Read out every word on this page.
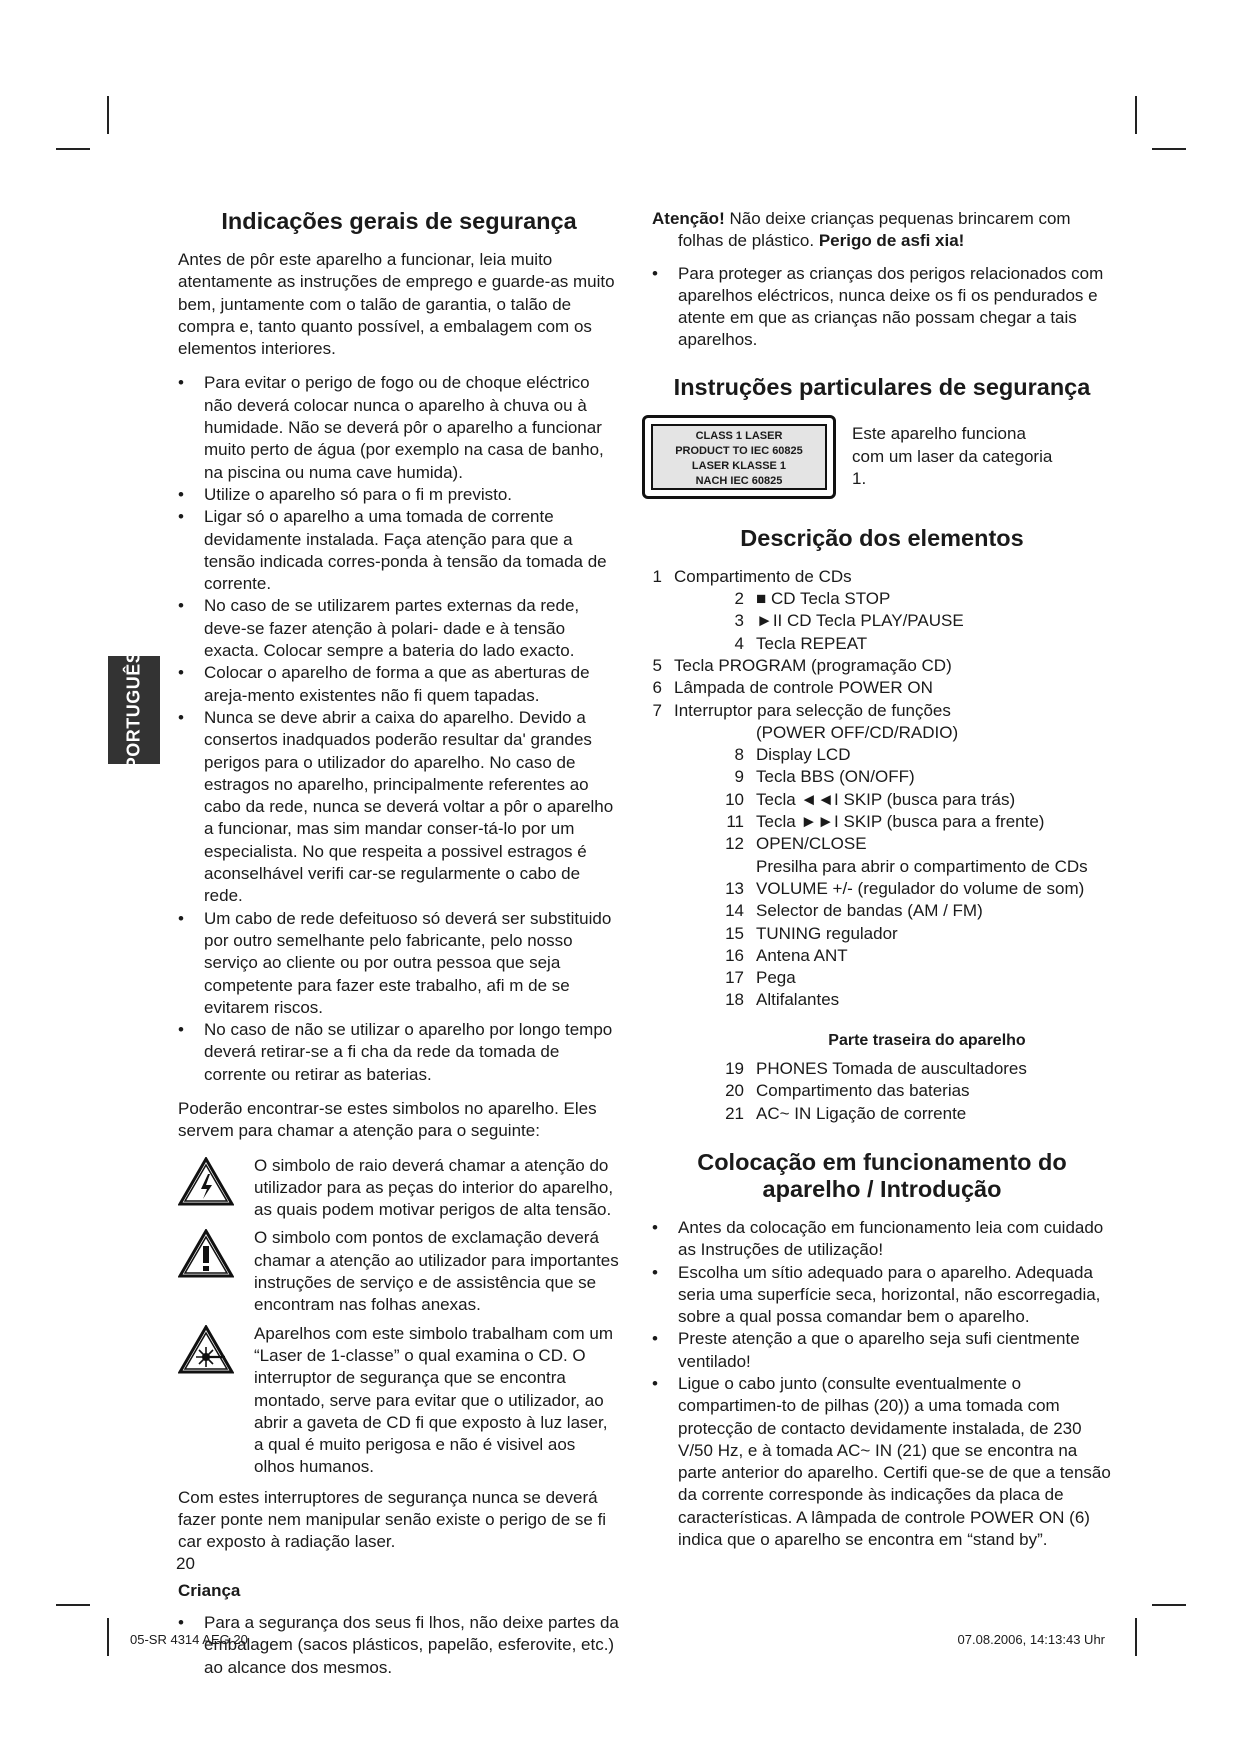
PORTUGUÊS
Indicações gerais de segurança

Antes de pôr este aparelho a funcionar, leia muito atentamente as instruções de emprego e guarde-as muito bem, juntamente com o talão de garantia, o talão de compra e, tanto quanto possível, a embalagem com os elementos interiores.

• Para evitar o perigo de fogo ou de choque eléctrico não deverá colocar nunca o aparelho à chuva ou à humidade. Não se deverá pôr o aparelho a funcionar muito perto de água (por exemplo na casa de banho, na piscina ou numa cave humida).
• Utilize o aparelho só para o fi m previsto.
• Ligar só o aparelho a uma tomada de corrente devidamente instalada. Faça atenção para que a tensão indicada corres-ponda à tensão da tomada de corrente.
• No caso de se utilizarem partes externas da rede, deve-se fazer atenção à polari- dade e à tensão exacta. Colocar sempre a bateria do lado exacto.
• Colocar o aparelho de forma a que as aberturas de areja-mento existentes não fi quem tapadas.
• Nunca se deve abrir a caixa do aparelho. Devido a consertos inadquados poderão resultar da' grandes perigos para o utilizador do aparelho. No caso de estragos no aparelho, principalmente referentes ao cabo da rede, nunca se deverá voltar a pôr o aparelho a funcionar, mas sim mandar conser-tá-lo por um especialista. No que respeita a possivel estragos é aconselhável verifi car-se regularmente o cabo de rede.
• Um cabo de rede defeituoso só deverá ser substituido por outro semelhante pelo fabricante, pelo nosso serviço ao cliente ou por outra pessoa que seja competente para fazer este trabalho, afi m de se evitarem riscos.
• No caso de não se utilizar o aparelho por longo tempo deverá retirar-se a fi cha da rede da tomada de corrente ou retirar as baterias.

Poderão encontrar-se estes simbolos no aparelho. Eles servem para chamar a atenção para o seguinte:

O simbolo de raio deverá chamar a atenção do utilizador para as peças do interior do aparelho, as quais podem motivar perigos de alta tensão.
O simbolo com pontos de exclamação deverá chamar a atenção ao utilizador para importantes instruções de serviço e de assistência que se encontram nas folhas anexas.
Aparelhos com este simbolo trabalham com um “Laser de 1-classe” o qual examina o CD. O interruptor de segurança que se encontra montado, serve para evitar que o utilizador, ao abrir a gaveta de CD fi que exposto à luz laser, a qual é muito perigosa e não é visivel aos olhos humanos.

Com estes interruptores de segurança nunca se deverá fazer ponte nem manipular senão existe o perigo de se fi car exposto à radiação laser.

Criança
• Para a segurança dos seus fi lhos, não deixe partes da embalagem (sacos plásticos, papelão, esferovite, etc.) ao alcance dos mesmos.

Atenção! Não deixe crianças pequenas brincarem com folhas de plástico. Perigo de asfi xia!

• Para proteger as crianças dos perigos relacionados com aparelhos eléctricos, nunca deixe os fi os pendurados e atente em que as crianças não possam chegar a tais aparelhos.
Instruções particulares de segurança
CLASS 1 LASER
PRODUCT TO IEC 60825
LASER KLASSE 1
NACH IEC 60825
Este aparelho funciona com um laser da categoria 1.
Descrição dos elementos
1 Compartimento de CDs
2 ■ CD Tecla STOP
3 ►II CD Tecla PLAY/PAUSE
4 Tecla REPEAT
5 Tecla PROGRAM (programação CD)
6 Lâmpada de controle POWER ON
7 Interruptor para selecção de funções
(POWER OFF/CD/RADIO)
8 Display LCD
9 Tecla BBS (ON/OFF)
10 Tecla ◄◄I SKIP (busca para trás)
11 Tecla ►►I SKIP (busca para a frente)
12 OPEN/CLOSE
Presilha para abrir o compartimento de CDs
13 VOLUME +/- (regulador do volume de som)
14 Selector de bandas (AM / FM)
15 TUNING regulador
16 Antena ANT
17 Pega
18 Altifalantes
Parte traseira do aparelho
19 PHONES Tomada de auscultadores
20 Compartimento das baterias
21 AC~ IN Ligação de corrente
Colocação em funcionamento do aparelho / Introdução
• Antes da colocação em funcionamento leia com cuidado as Instruções de utilização!
• Escolha um sítio adequado para o aparelho. Adequada seria uma superfície seca, horizontal, não escorregadia, sobre a qual possa comandar bem o aparelho.
• Preste atenção a que o aparelho seja sufi cientmente ventilado!
• Ligue o cabo junto (consulte eventualmente o compartimen-to de pilhas (20)) a uma tomada com protecção de contacto devidamente instalada, de 230 V/50 Hz, e à tomada AC~ IN (21) que se encontra na parte anterior do aparelho. Certifi que-se de que a tensão da corrente corresponde às indicações da placa de características. A lâmpada de controle POWER ON (6) indica que o aparelho se encontra em “stand by”.
20
05-SR 4314 AEG 20	07.08.2006, 14:13:43 Uhr
